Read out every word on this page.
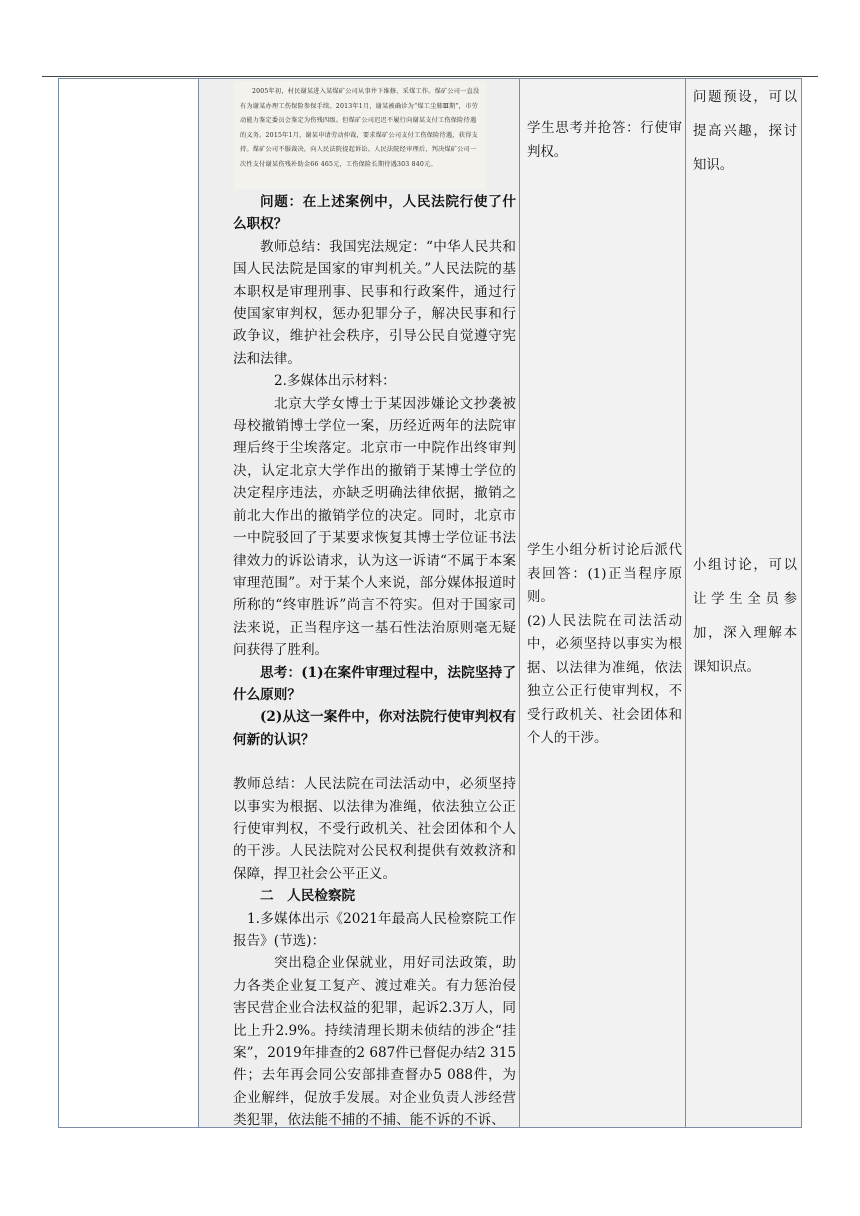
2005年初，村民谢某进入某煤矿公司从事井下维修、采煤工作。煤矿公司一直没有为谢某办理工伤保险参保手续。2013年1月，谢某被确诊为“煤工尘肺Ⅲ期”，市劳动能力鉴定委员会鉴定为伤残四级。但煤矿公司迟迟不履行向谢某支付工伤保险待遇的义务。2015年1月，谢某申请劳动仲裁，要求煤矿公司支付工伤保险待遇，获得支持。煤矿公司不服裁决，向人民法院提起诉讼。人民法院经审理后，判决煤矿公司一次性支付谢某伤残补助金66 465元，工伤保险长期待遇303 840元。

问题：在上述案例中，人民法院行使了什么职权？

教师总结：我国宪法规定：“中华人民共和国人民法院是国家的审判机关。”人民法院的基本职权是审理刑事、民事和行政案件，通过行使国家审判权，惩办犯罪分子，解决民事和行政争议，维护社会秩序，引导公民自觉遵守宪法和法律。

2.多媒体出示材料：

北京大学女博士于某因涉嫌论文抄袭被母校撤销博士学位一案，历经近两年的法院审理后终于尘埃落定。北京市一中院作出终审判决，认定北京大学作出的撤销于某博士学位的决定程序违法，亦缺乏明确法律依据，撤销之前北大作出的撤销学位的决定。同时，北京市一中院驳回了于某要求恢复其博士学位证书法律效力的诉讼请求，认为这一诉请“不属于本案审理范围”。对于某个人来说，部分媒体报道时所称的“终审胜诉”尚言不符实。但对于国家司法来说，正当程序这一基石性法治原则毫无疑问获得了胜利。

思考：(1)在案件审理过程中，法院坚持了什么原则？

(2)从这一案件中，你对法院行使审判权有何新的认识？

教师总结：人民法院在司法活动中，必须坚持以事实为根据、以法律为准绳，依法独立公正行使审判权，不受行政机关、社会团体和个人的干涉。人民法院对公民权利提供有效救济和保障，捍卫社会公平正义。

二　人民检察院

1.多媒体出示《2021年最高人民检察院工作报告》(节选)：

突出稳企业保就业，用好司法政策，助力各类企业复工复产、渡过难关。有力惩治侵害民营企业合法权益的犯罪，起诉2.3万人，同比上升2.9%。持续清理长期未侦结的涉企“挂案”，2019年排查的2 687件已督促办结2 315件；去年再会同公安部排查督办5 088件，为企业解绊，促放手发展。对企业负责人涉经营类犯罪，依法能不捕的不捕、能不诉的不诉、

学生思考并抢答：行使审判权。

学生小组分析讨论后派代表回答：(1)正当程序原则。

(2)人民法院在司法活动中，必须坚持以事实为根据、以法律为准绳，依法独立公正行使审判权，不受行政机关、社会团体和个人的干涉。

问题预设，可以提高兴趣，探讨知识。

小组讨论，可以让学生全员参加，深入理解本课知识点。
